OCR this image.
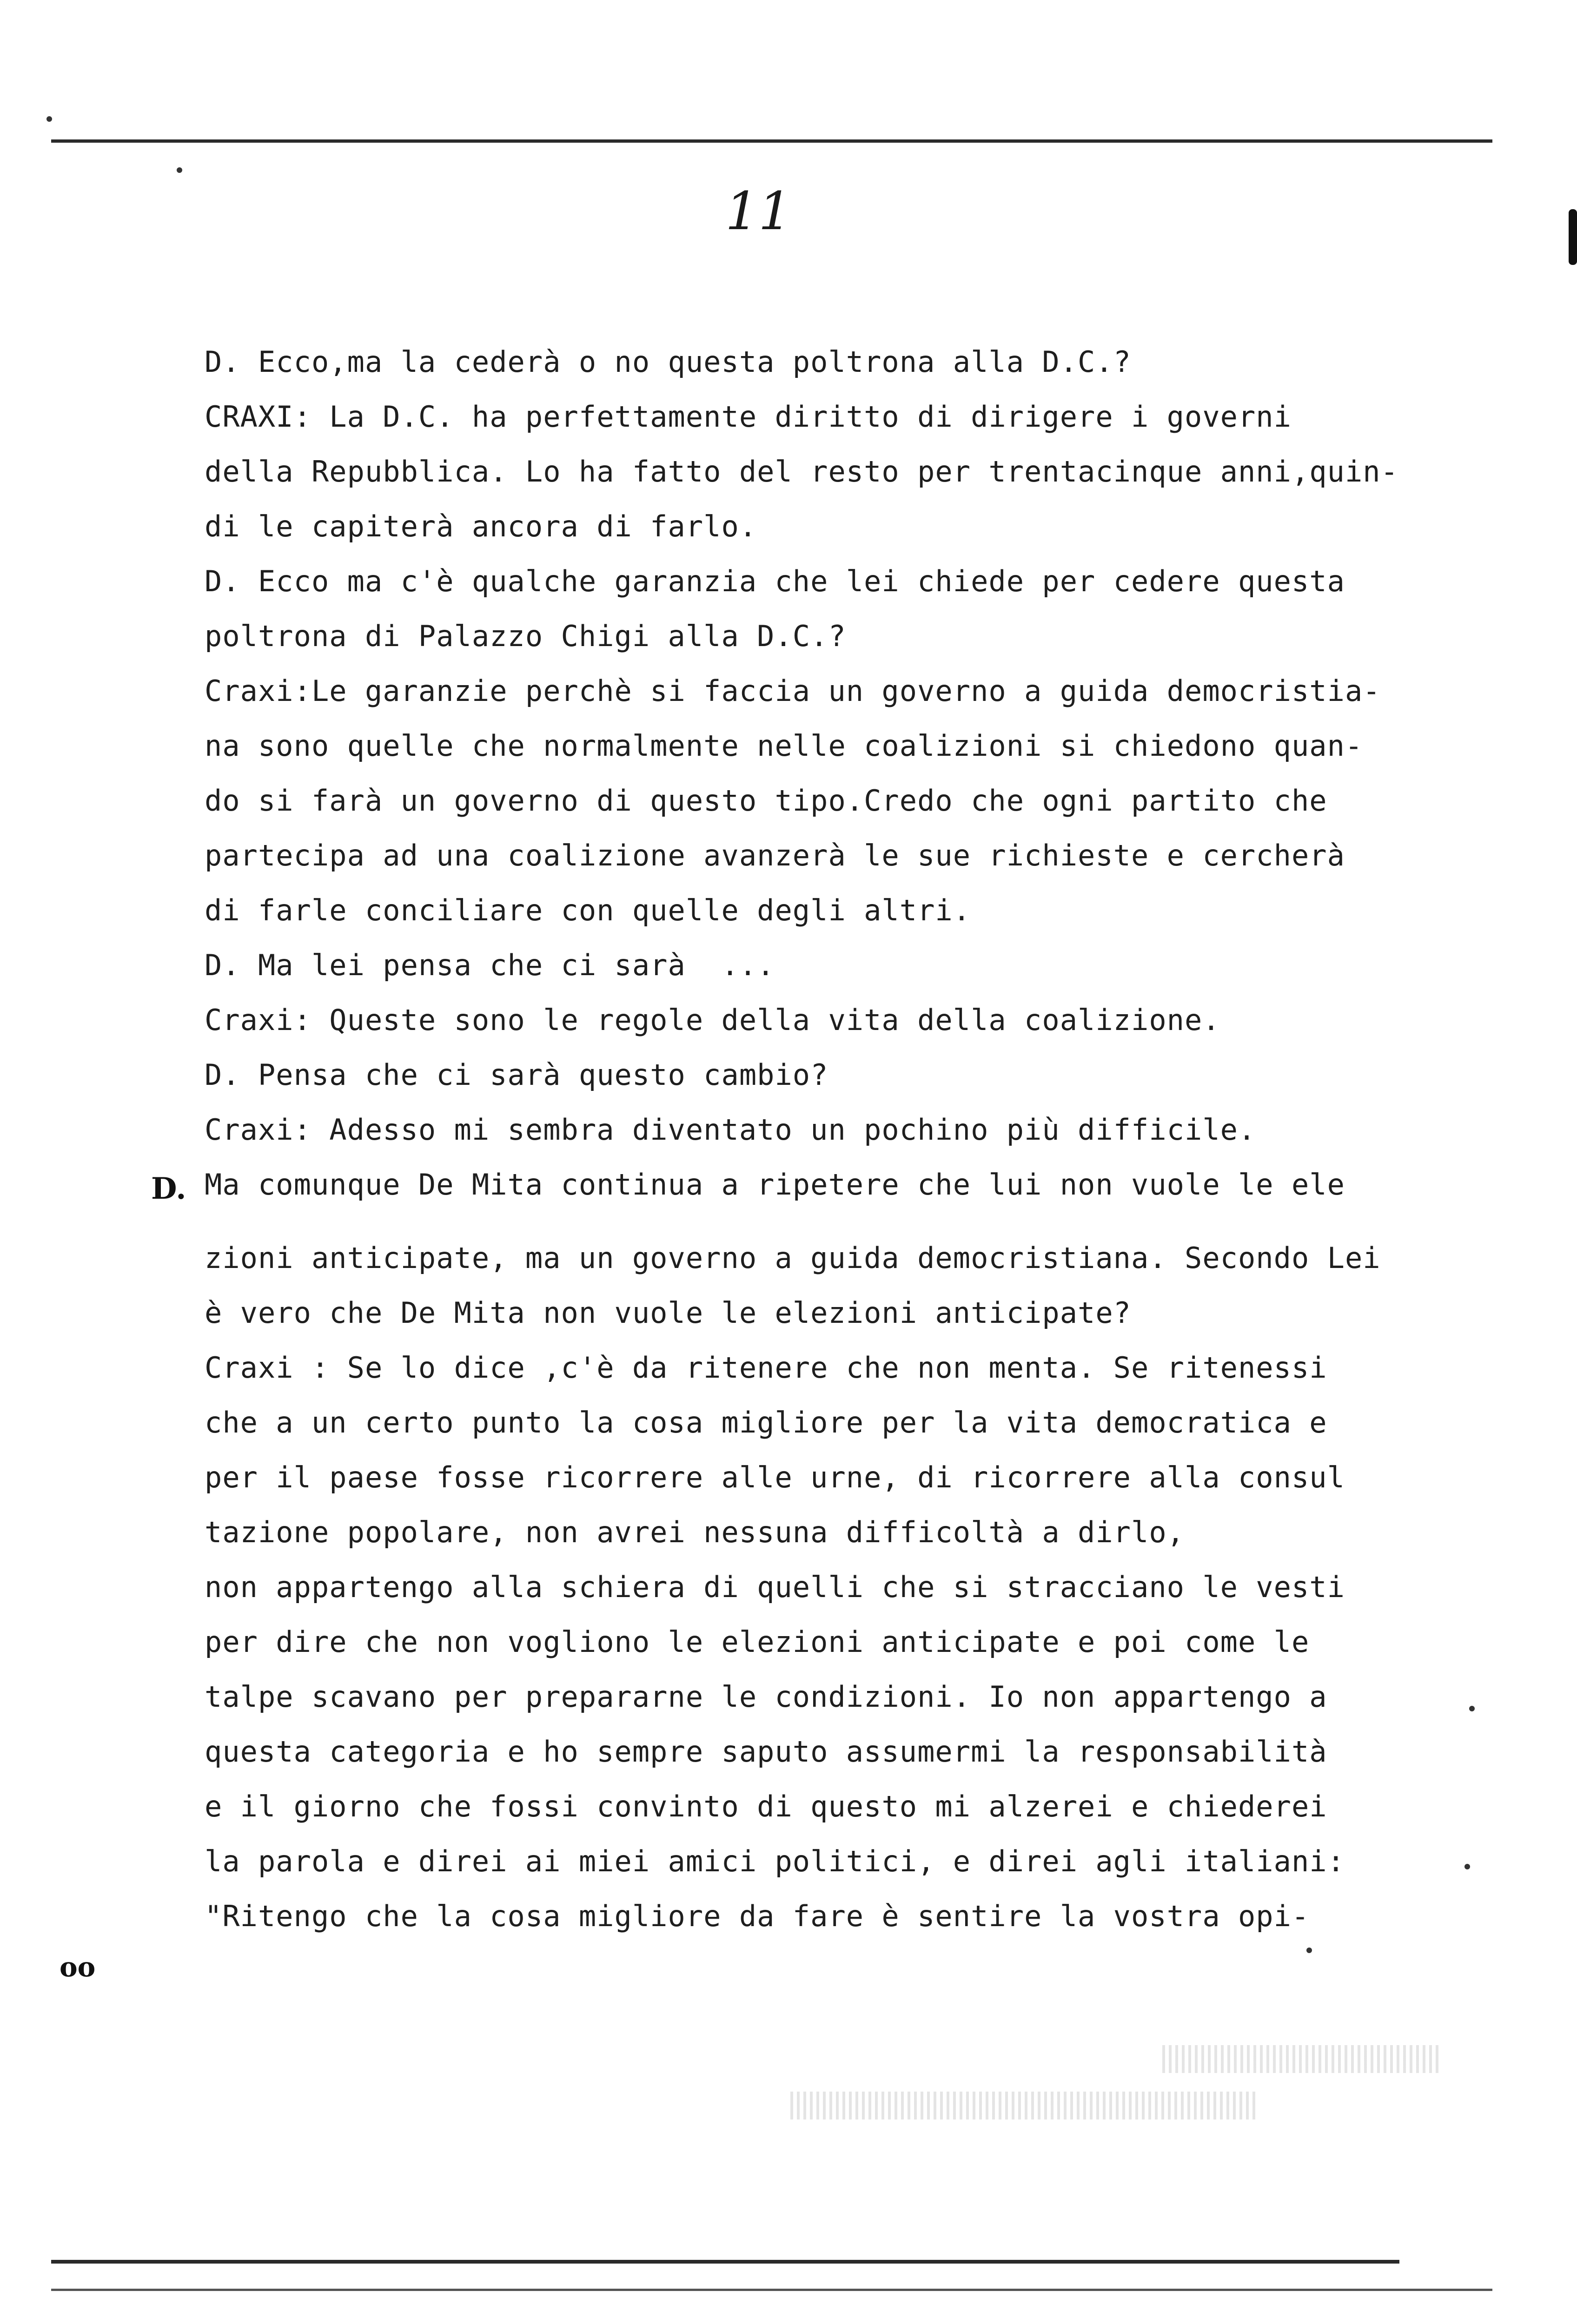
11
D. Ecco,ma la cederà o no questa poltrona alla D.C.?
CRAXI: La D.C. ha perfettamente diritto di dirigere i governi
della Repubblica. Lo ha fatto del resto per trentacinque anni,quin-
di le capiterà ancora di farlo.
D. Ecco ma c'è qualche garanzia che lei chiede per cedere questa
poltrona di Palazzo Chigi alla D.C.?
Craxi:Le garanzie perchè si faccia un governo a guida democristia-
na sono quelle che normalmente nelle coalizioni si chiedono quan-
do si farà un governo di questo tipo.Credo che ogni partito che
partecipa ad una coalizione avanzerà le sue richieste e cercherà
di farle conciliare con quelle degli altri.
D. Ma lei pensa che ci sarà  ...
Craxi: Queste sono le regole della vita della coalizione.
D. Pensa che ci sarà questo cambio?
Craxi: Adesso mi sembra diventato un pochino più difficile.
Ma comunque De Mita continua a ripetere che lui non vuole le ele
zioni anticipate, ma un governo a guida democristiana. Secondo Lei
è vero che De Mita non vuole le elezioni anticipate?
Craxi : Se lo dice ,c'è da ritenere che non menta. Se ritenessi
che a un certo punto la cosa migliore per la vita democratica e
per il paese fosse ricorrere alle urne, di ricorrere alla consul
tazione popolare, non avrei nessuna difficoltà a dirlo,
non appartengo alla schiera di quelli che si stracciano le vesti
per dire che non vogliono le elezioni anticipate e poi come le
talpe scavano per prepararne le condizioni. Io non appartengo a
questa categoria e ho sempre saputo assumermi la responsabilità
e il giorno che fossi convinto di questo mi alzerei e chiederei
la parola e direi ai miei amici politici, e direi agli italiani:
"Ritengo che la cosa migliore da fare è sentire la vostra opi-
D.
oo
